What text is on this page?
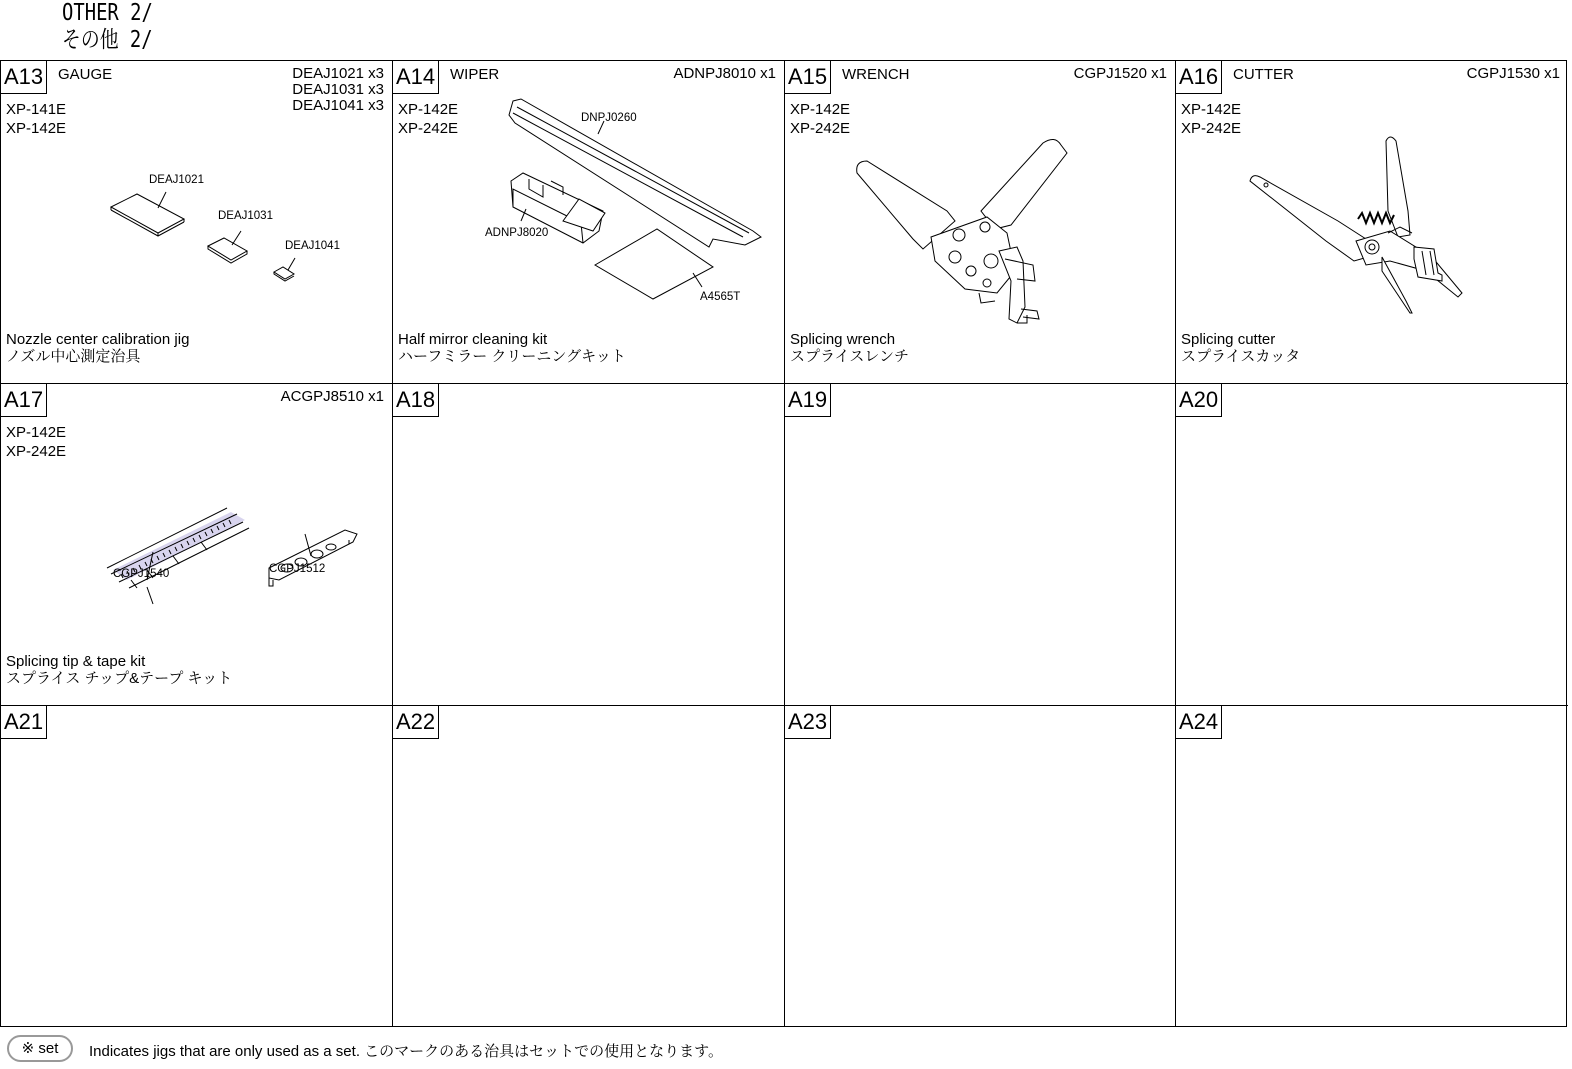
OTHER 2/
その他 2/
A13 GAUGE	DEAJ1021 x3
DEAJ1031 x3
DEAJ1041 x3
XP-141E
XP-142E
DEAJ1021
DEAJ1031
DEAJ1041
Nozzle center calibration jig
ノズル中心測定治具
A14 WIPER	ADNPJ8010 x1
XP-142E
XP-242E
DNPJ0260
ADNPJ8020
A4565T
Half mirror cleaning kit
ハーフミラー クリーニングキット
A15 WRENCH	CGPJ1520 x1
XP-142E
XP-242E
Splicing wrench
スプライスレンチ
A16 CUTTER	CGPJ1530 x1
XP-142E
XP-242E
Splicing cutter
スプライスカッタ
A17	ACGPJ8510 x1
XP-142E
XP-242E
CGPJ1540	CGPJ1512
Splicing tip & tape kit
スプライス チップ&テープ キット
A18	A19	A20
A21	A22	A23	A24
※ set	Indicates jigs that are only used as a set. このマークのある治具はセットでの使用となります。
